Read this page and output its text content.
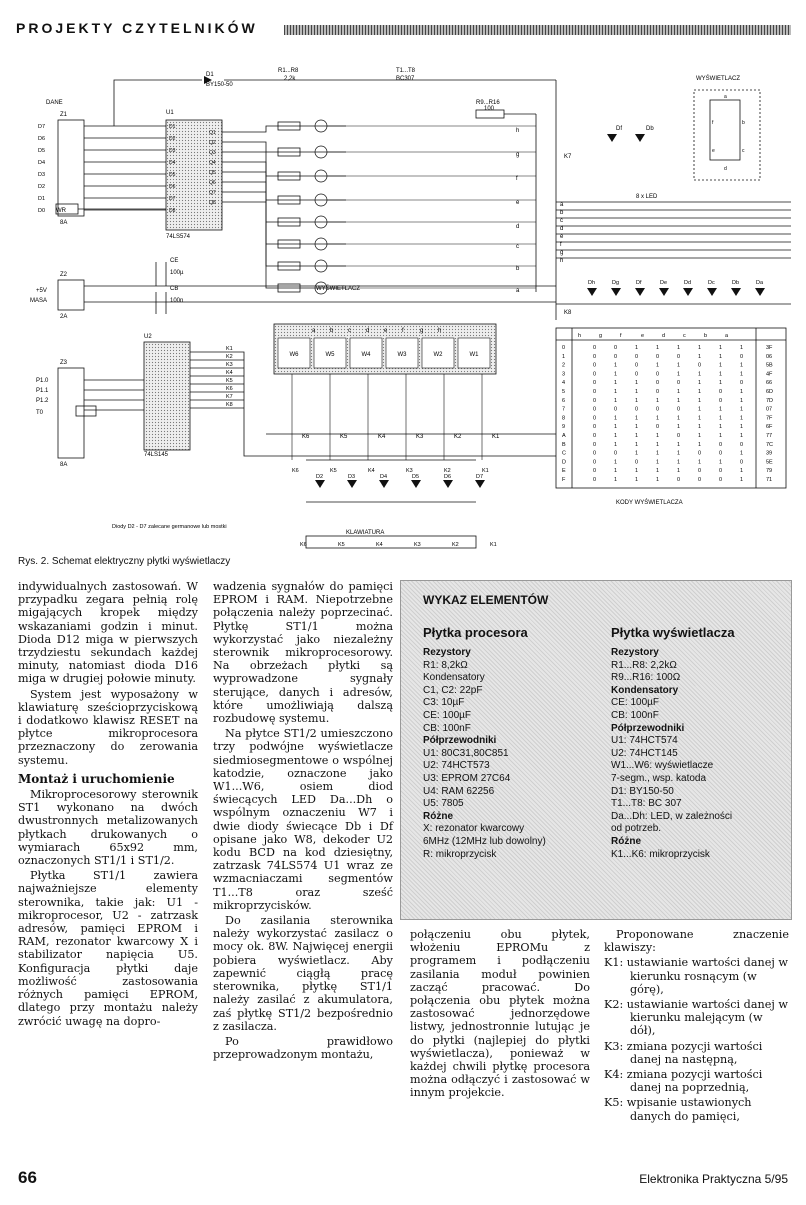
PROJEKTY CZYTELNIKÓW
DANE
Z1	U1
74LS574
WR
8A
D1
BY150-50
R1...R8
2,2k
T1...T8
BC307
R9...R16
100
WYŚWIETLACZ
WYŚWIETLACZ
K7
K8
8 x LED
CE
100µ
CB
100n
Z2
+5V
MASA
2A
U2
74LS145
Z3
8A
P1.0
P1.1
P1.2
T0
Diody D2 - D7 zalecane germanowe lub mostki
KLAWIATURA
KODY WYŚWIETLACZA
Df	Db
D7
D6
D5
D4
D3
D2
D1
D0
D1
D2
D3
D4
D5
D6
D7
D8
Q1
Q2
Q3
Q4
Q5
Q6
Q7
Q8
h
g
f
e
d
c
b
a
a
b
c
d
e
f
g
h
W6	W5	W4	W3	W2	W1
a b c	d e f	g h
K6
K6
K6
K5
K5
K5
K4
K4
K4
K3
K3
K3
K2
K2
K2
K1
K1
K1
K1
K2
K3
K4
K5
K6
K7
K8
D2	D3	D4	D5	D6	D7
Dh	Dg	Df	De	Dd	Dc	Db	Da
a
f	b
e	c
d
h	g	f	e	d	c	b	a
0	0	0	1	1	1	1	1	1	3F
1	0	0	0	0	0	1	1	0	06
2	0	1	0	1	1	0	1	1	5B
3	0	1	0	0	1	1	1	1	4F
4	0	1	1	0	0	1	1	0	66
5	0	1	1	0	1	1	0	1	6D
6	0	1	1	1	1	1	0	1	7D
7	0	0	0	0	0	1	1	1	07
8	0	1	1	1	1	1	1	1	7F
9	0	1	1	0	1	1	1	1	6F
A	0	1	1	1	0	1	1	1	77
B	0	1	1	1	1	1	0	0	7C
C	0	0	1	1	1	0	0	1	39
D	0	1	0	1	1	1	1	0	5E
E	0	1	1	1	1	0	0	1	79
F	0	1	1	1	0	0	0	1	71
Rys. 2. Schemat elektryczny płytki wyświetlaczy

indywidualnych zastosowań. W przypadku zegara pełnią rolę migających kropek między wskazaniami godzin i minut. Dioda D12 miga w pierwszych trzydziestu sekundach każdej minuty, natomiast dioda D16 miga w drugiej połowie minuty.

System jest wyposażony w klawiaturę sześcioprzyciskową i dodatkowo klawisz RESET na płytce mikroprocesora przeznaczony do zerowania systemu.

Montaż i uruchomienie

Mikroprocesorowy sterownik ST1 wykonano na dwóch dwustronnych metalizowanych płytkach drukowanych o wymiarach 65x92 mm, oznaczonych ST1/1 i ST1/2.

Płytka ST1/1 zawiera najważniejsze elementy sterownika, takie jak: U1 - mikroprocesor, U2 - zatrzask adresów, pamięci EPROM i RAM, rezonator kwarcowy X i stabilizator napięcia U5. Konfiguracja płytki daje możliwość zastosowania różnych pamięci EPROM, dlatego przy montażu należy zwrócić uwagę na dopro-

wadzenia sygnałów do pamięci EPROM i RAM. Niepotrzebne połączenia należy poprzecinać. Płytkę ST1/1 można wykorzystać jako niezależny sterownik mikroprocesorowy. Na obrzeżach płytki są wyprowadzone sygnały sterujące, danych i adresów, które umożliwiają dalszą rozbudowę systemu.

Na płytce ST1/2 umieszczono trzy podwójne wyświetlacze siedmiosegmentowe o wspólnej katodzie, oznaczone jako W1...W6, osiem diod świecących LED Da...Dh o wspólnym oznaczeniu W7 i dwie diody świecące Db i Df opisane jako W8, dekoder U2 kodu BCD na kod dziesiętny, zatrzask 74LS574 U1 wraz ze wzmacniaczami segmentów T1...T8 oraz sześć mikroprzycisków.

Do zasilania sterownika należy wykorzystać zasilacz o mocy ok. 8W. Najwięcej energii pobiera wyświetlacz. Aby zapewnić ciągłą pracę sterownika, płytkę ST1/1 należy zasilać z akumulatora, zaś płytkę ST1/2 bezpośrednio z zasilacza.

Po prawidłowo przeprowadzonym montażu,

WYKAZ ELEMENTÓW
Płytka procesora	Płytka wyświetlacza
Rezystory
R1: 8,2kΩ
Kondensatory
C1, C2: 22pF
C3: 10µF
CE: 100µF
CB: 100nF
Półprzewodniki
U1: 80C31,80C851
U2: 74HCT573
U3: EPROM 27C64
U4: RAM 62256
U5: 7805
Różne
X: rezonator kwarcowy
6MHz (12MHz lub dowolny)
R: mikroprzycisk
Rezystory
R1...R8: 2,2kΩ
R9...R16: 100Ω
Kondensatory
CE: 100µF
CB: 100nF
Półprzewodniki
U1: 74HCT574
U2: 74HCT145
W1...W6: wyświetlacze
7-segm., wsp. katoda
D1: BY150-50
T1...T8: BC 307
Da...Dh: LED, w zależności
od potrzeb.
Różne
K1...K6: mikroprzycisk

połączeniu obu płytek, włożeniu EPROMu z programem i podłączeniu zasilania moduł powinien zacząć pracować. Do połączenia obu płytek można zastosować jednorzędowe listwy, jednostronnie lutując je do płytki (najlepiej do płytki wyświetlacza), ponieważ w każdej chwili płytkę procesora można odłączyć i zastosować w innym projekcie.

Proponowane znaczenie klawiszy:

K1: ustawianie wartości danej w kierunku rosnącym (w górę),

K2: ustawianie wartości danej w kierunku malejącym (w dół),

K3: zmiana pozycji wartości danej na następną,

K4: zmiana pozycji wartości danej na poprzednią,

K5: wpisanie ustawionych danych do pamięci,

66	Elektronika Praktyczna 5/95
